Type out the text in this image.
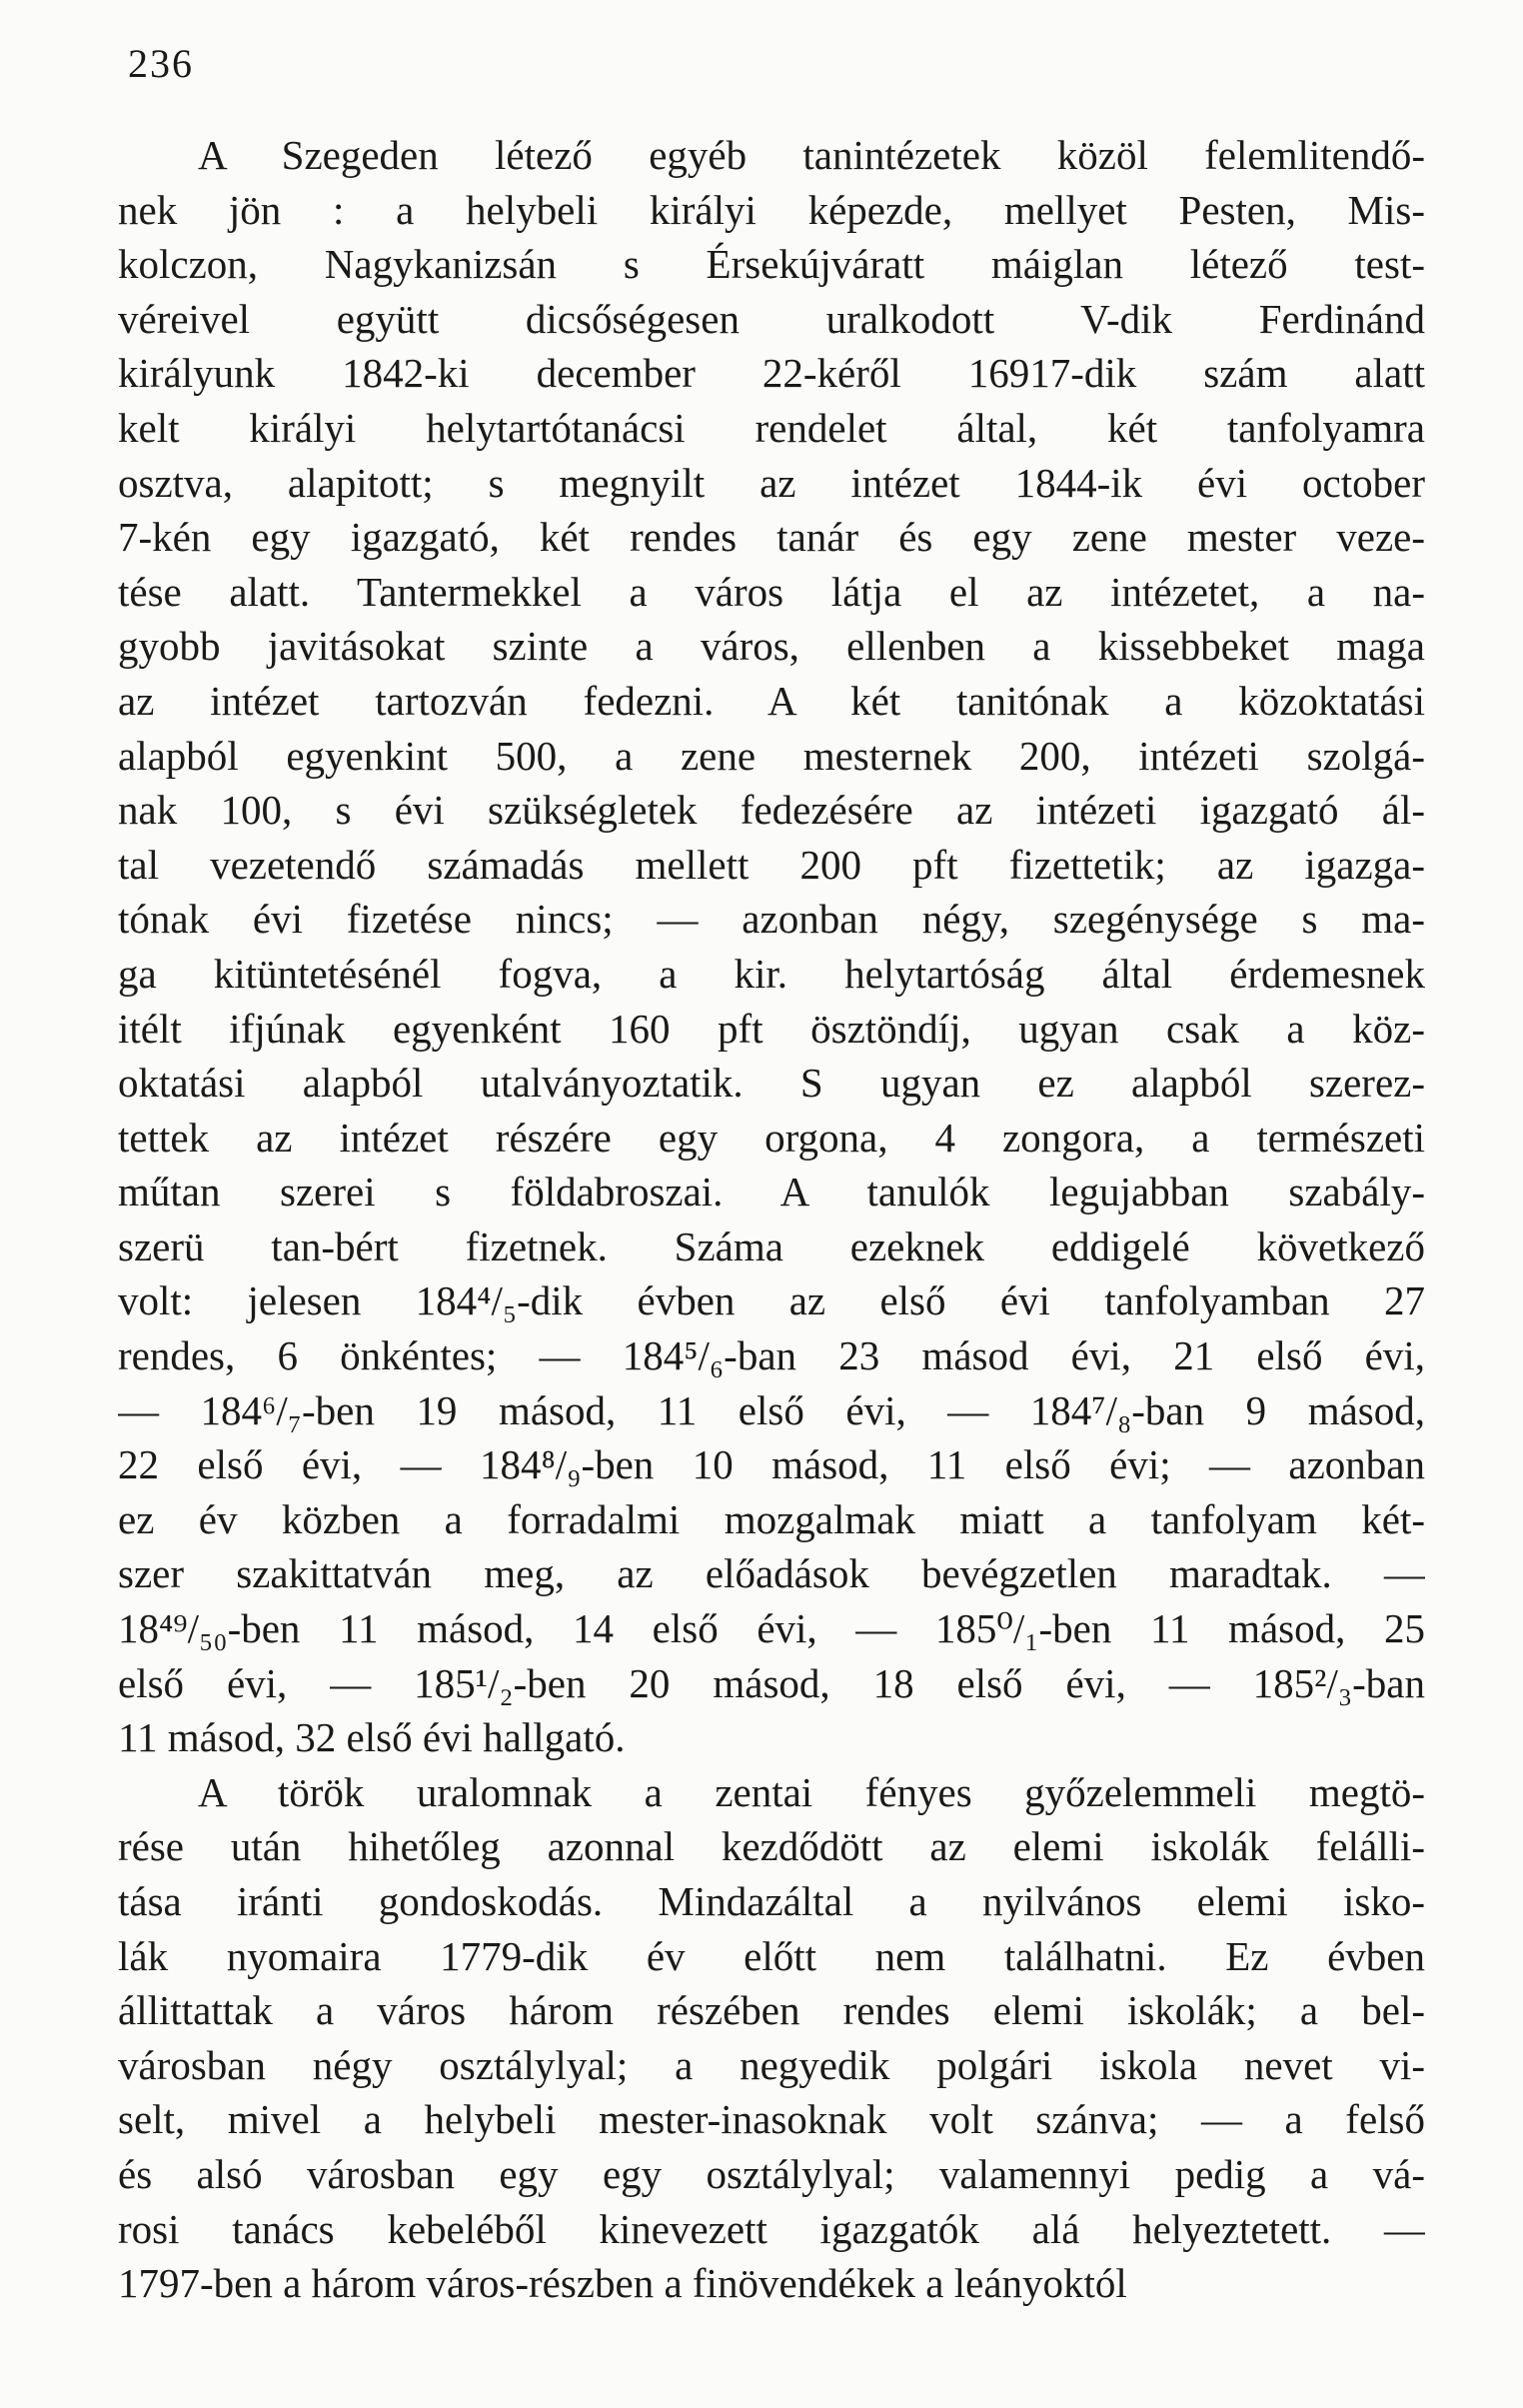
236
A Szegeden létező egyéb tanintézetek közöl felemlitendő-
nek jön : a helybeli királyi képezde, mellyet Pesten, Mis-
kolczon, Nagykanizsán s Érsekújváratt máiglan létező test-
véreivel együtt dicsőségesen uralkodott V-dik Ferdinánd
királyunk 1842-ki december 22-kéről 16917-dik szám alatt
kelt királyi helytartótanácsi rendelet által, két tanfolyamra
osztva, alapitott; s megnyilt az intézet 1844-ik évi october
7-kén egy igazgató, két rendes tanár és egy zene mester veze-
tése alatt. Tantermekkel a város látja el az intézetet, a na-
gyobb javitásokat szinte a város, ellenben a kissebbeket maga
az intézet tartozván fedezni. A két tanitónak a közoktatási
alapból egyenkint 500, a zene mesternek 200, intézeti szolgá-
nak 100, s évi szükségletek fedezésére az intézeti igazgató ál-
tal vezetendő számadás mellett 200 pft fizettetik; az igazga-
tónak évi fizetése nincs; — azonban négy, szegénysége s ma-
ga kitüntetésénél fogva, a kir. helytartóság által érdemesnek
itélt ifjúnak egyenként 160 pft ösztöndíj, ugyan csak a köz-
oktatási alapból utalványoztatik. S ugyan ez alapból szerez-
tettek az intézet részére egy orgona, 4 zongora, a természeti
műtan szerei s földabroszai. A tanulók legujabban szabály-
szerü tan-bért fizetnek. Száma ezeknek eddigelé következő
volt: jelesen 184⁴/₅-dik évben az első évi tanfolyamban 27
rendes, 6 önkéntes; — 184⁵/₆-ban 23 másod évi, 21 első évi,
— 184⁶/₇-ben 19 másod, 11 első évi, — 184⁷/₈-ban 9 másod,
22 első évi, — 184⁸/₉-ben 10 másod, 11 első évi; — azonban
ez év közben a forradalmi mozgalmak miatt a tanfolyam két-
szer szakittatván meg, az előadások bevégzetlen maradtak. —
18⁴⁹/₅₀-ben 11 másod, 14 első évi, — 185⁰/₁-ben 11 másod, 25
első évi, — 185¹/₂-ben 20 másod, 18 első évi, — 185²/₃-ban
11 másod, 32 első évi hallgató.
A török uralomnak a zentai fényes győzelemmeli megtö-
rése után hihetőleg azonnal kezdődött az elemi iskolák felálli-
tása iránti gondoskodás. Mindazáltal a nyilvános elemi isko-
lák nyomaira 1779-dik év előtt nem találhatni. Ez évben
állittattak a város három részében rendes elemi iskolák; a bel-
városban négy osztálylyal; a negyedik polgári iskola nevet vi-
selt, mivel a helybeli mester-inasoknak volt szánva; — a felső
és alsó városban egy egy osztálylyal; valamennyi pedig a vá-
rosi tanács kebeléből kinevezett igazgatók alá helyeztetett. —
1797-ben a három város-részben a finövendékek a leányoktól
